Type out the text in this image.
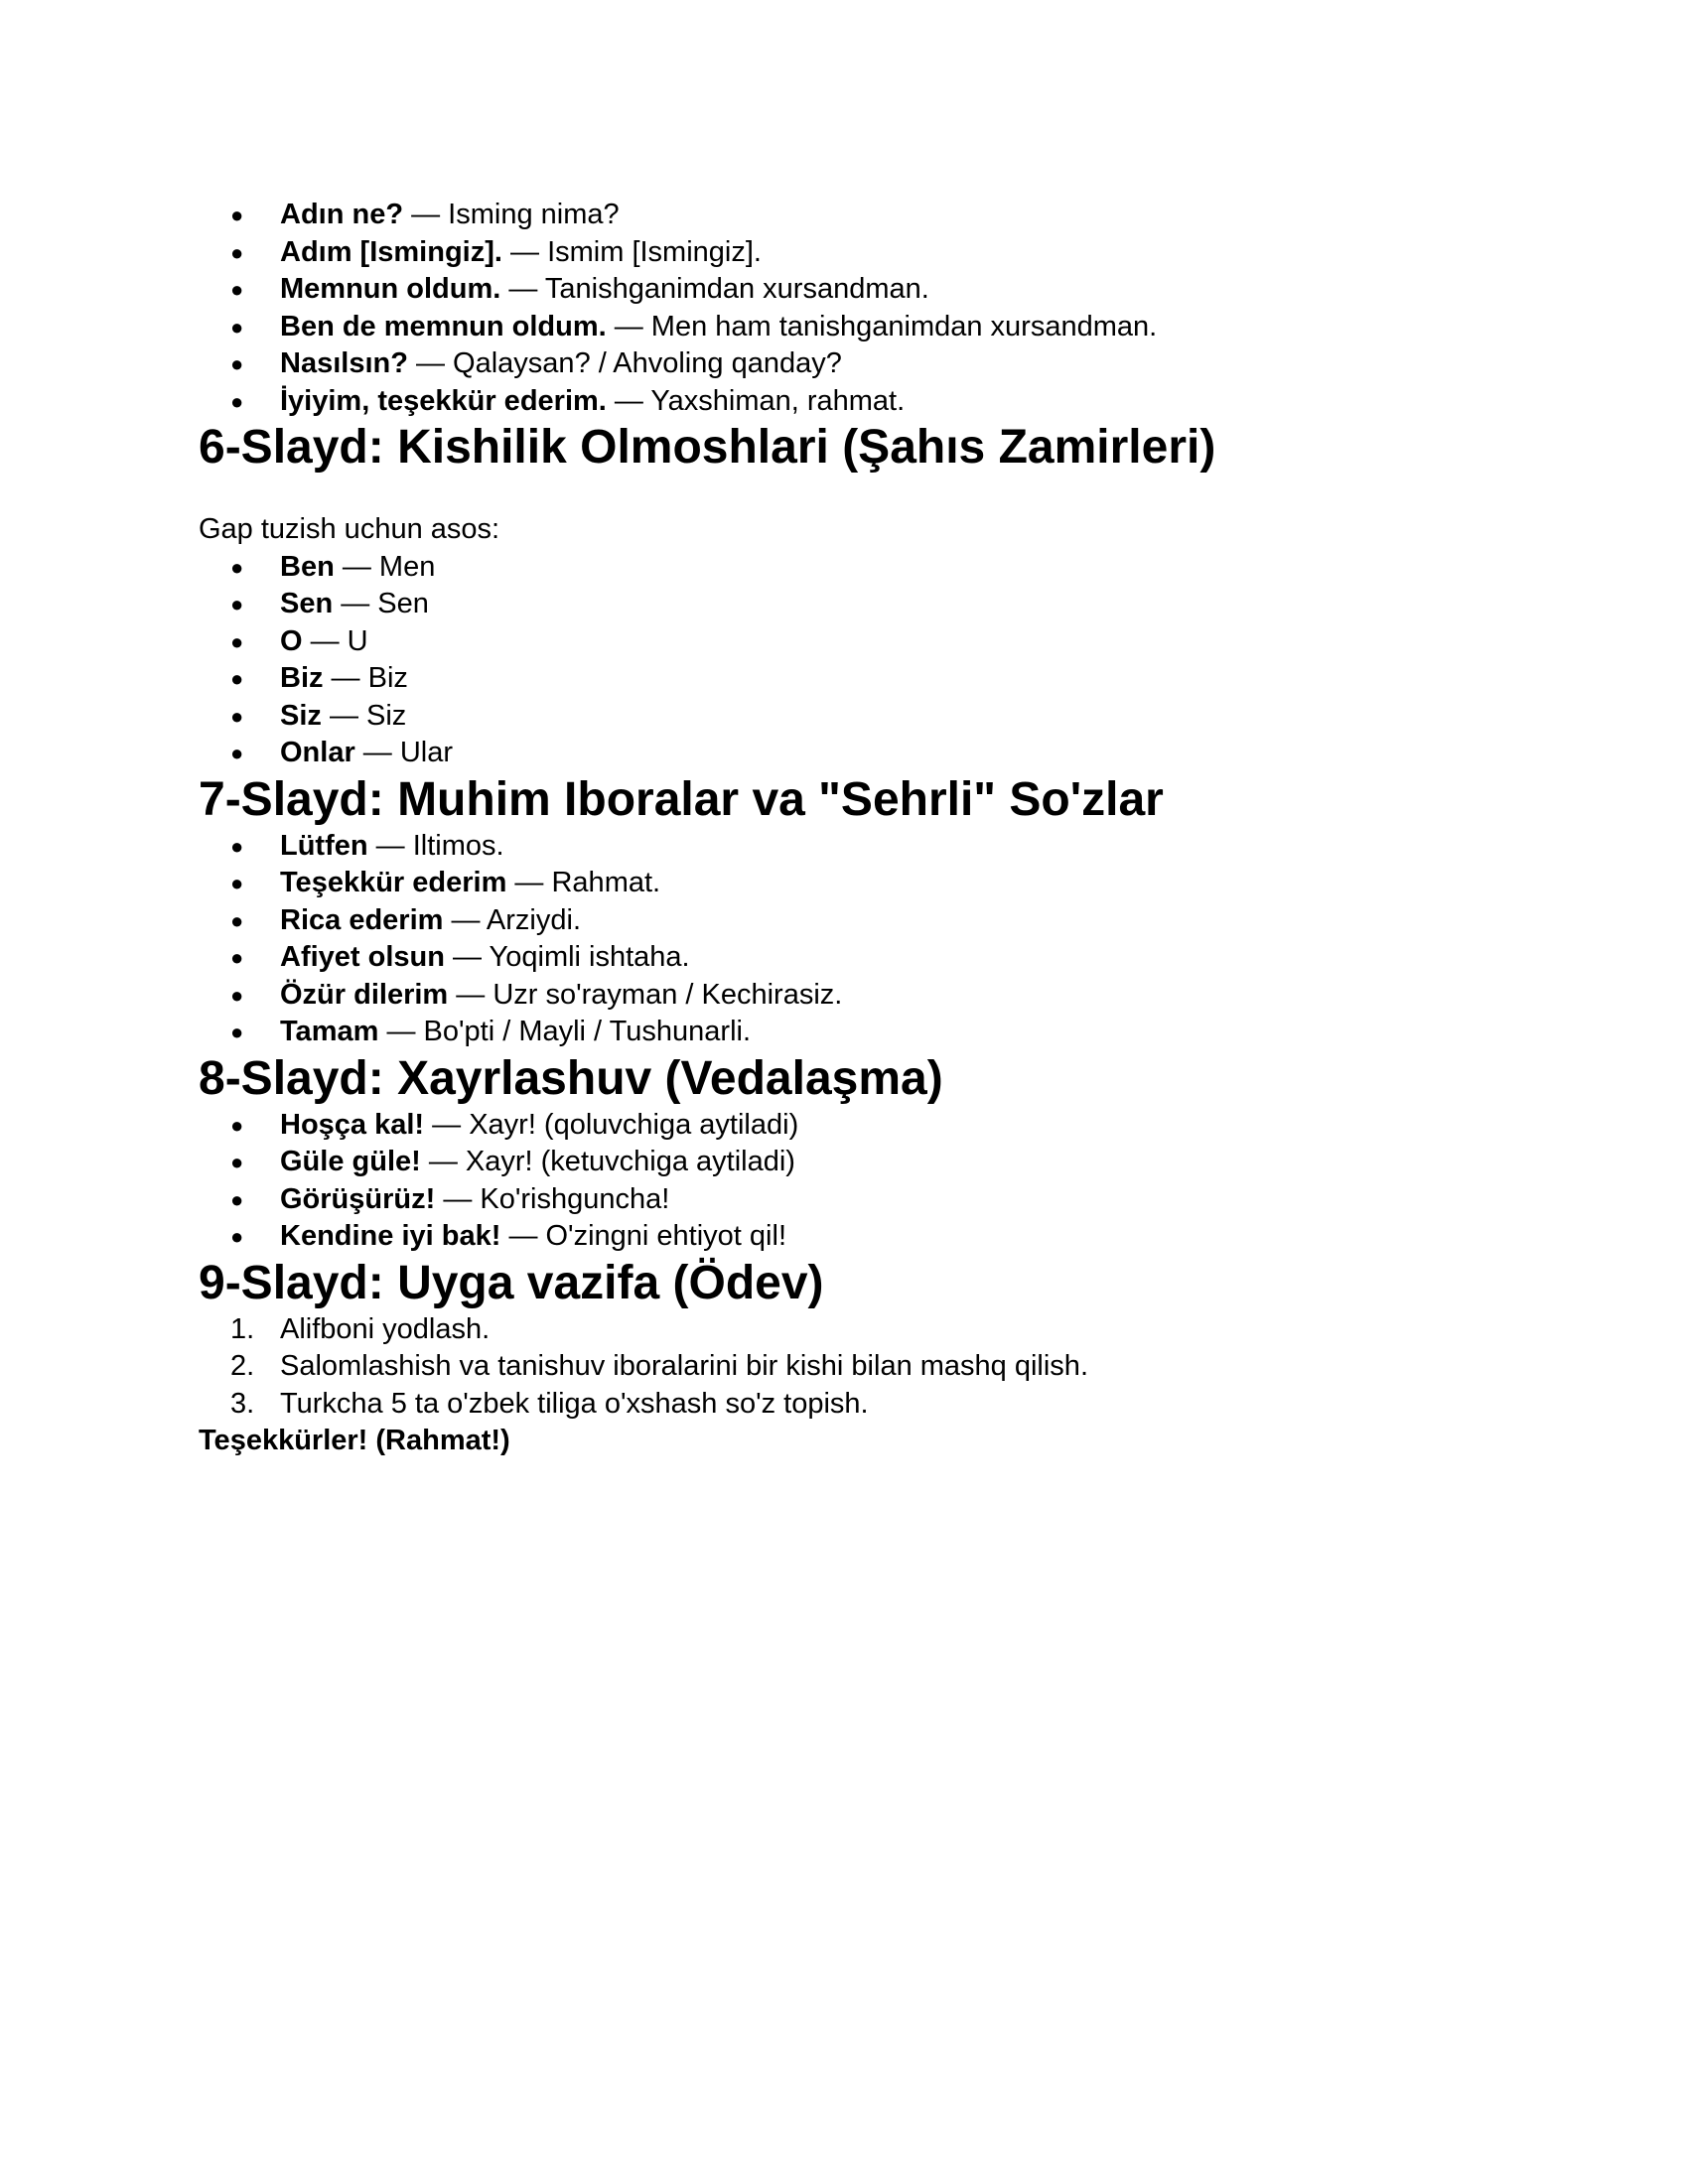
● Adın ne? — Isming nima?
● Adım [Ismingiz]. — Ismim [Ismingiz].
● Memnun oldum. — Tanishganimdan xursandman.
● Ben de memnun oldum. — Men ham tanishganimdan xursandman.
● Nasılsın? — Qalaysan? / Ahvoling qanday?
● İyiyim, teşekkür ederim. — Yaxshiman, rahmat.
6-Slayd: Kishilik Olmoshlari (Şahıs Zamirleri)
Gap tuzish uchun asos:
● Ben — Men
● Sen — Sen
● O — U
● Biz — Biz
● Siz — Siz
● Onlar — Ular
7-Slayd: Muhim Iboralar va "Sehrli" So'zlar
● Lütfen — Iltimos.
● Teşekkür ederim — Rahmat.
● Rica ederim — Arziydi.
● Afiyet olsun — Yoqimli ishtaha.
● Özür dilerim — Uzr so'rayman / Kechirasiz.
● Tamam — Bo'pti / Mayli / Tushunarli.
8-Slayd: Xayrlashuv (Vedalaşma)
● Hoşça kal! — Xayr! (qoluvchiga aytiladi)
● Güle güle! — Xayr! (ketuvchiga aytiladi)
● Görüşürüz! — Ko'rishguncha!
● Kendine iyi bak! — O'zingni ehtiyot qil!
9-Slayd: Uyga vazifa (Ödev)
1. Alifboni yodlash.
2. Salomlashish va tanishuv iboralarini bir kishi bilan mashq qilish.
3. Turkcha 5 ta o'zbek tiliga o'xshash so'z topish.
Teşekkürler! (Rahmat!)
